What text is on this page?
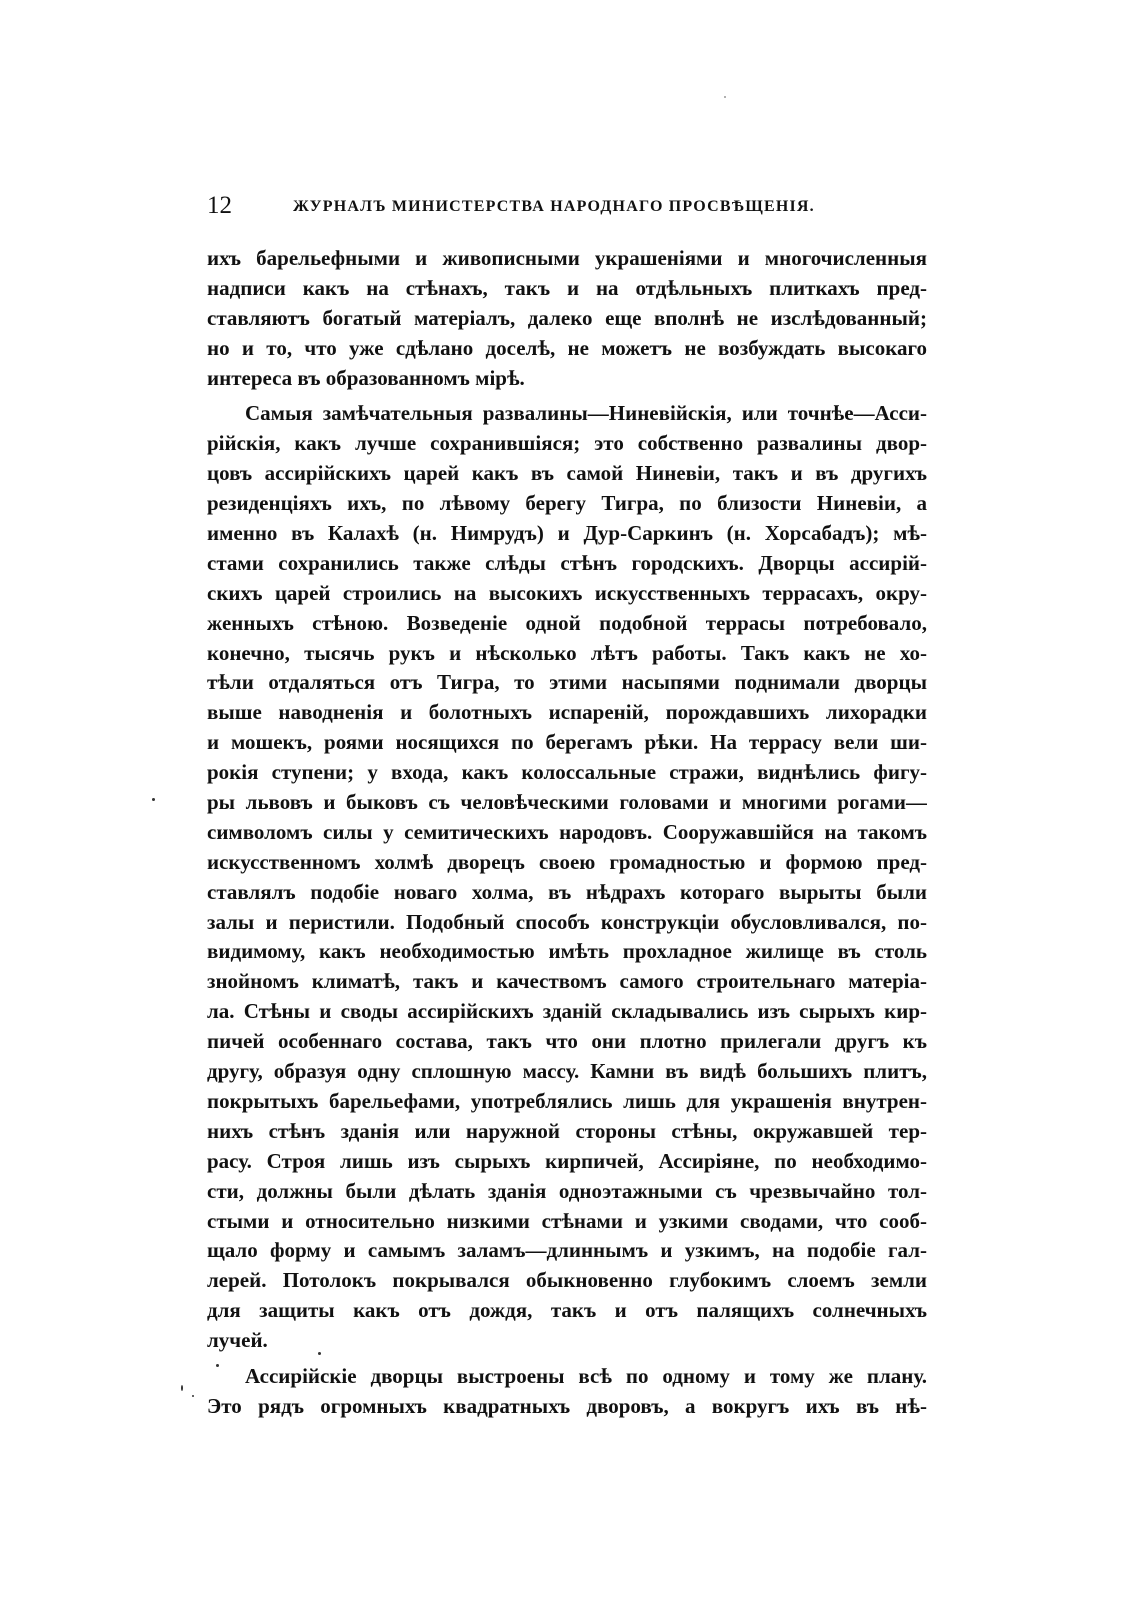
12	ЖУРНАЛЪ МИНИСТЕРСТВА НАРОДНАГО ПРОСВѢЩЕНІЯ.
ихъ барельефными и живописными украшеніями и многочисленныя
надписи какъ на стѣнахъ, такъ и на отдѣльныхъ плиткахъ пред-
ставляютъ богатый матеріалъ, далеко еще вполнѣ не изслѣдованный;
но и то, что уже сдѣлано доселѣ, не можетъ не возбуждать высокаго
интереса въ образованномъ мірѣ.
Самыя замѣчательныя развалины—Ниневійскія, или точнѣе—Асси-
рійскія, какъ лучше сохранившіяся; это собственно развалины двор-
цовъ ассирійскихъ царей какъ въ самой Ниневіи, такъ и въ другихъ
резиденціяхъ ихъ, по лѣвому берегу Тигра, по близости Ниневіи, а
именно въ Калахѣ (н. Нимрудъ) и Дур-Саркинъ (н. Хорсабадъ); мѣ-
стами сохранились также слѣды стѣнъ городскихъ. Дворцы ассирій-
скихъ царей строились на высокихъ искусственныхъ террасахъ, окру-
женныхъ стѣною. Возведеніе одной подобной террасы потребовало,
конечно, тысячь рукъ и нѣсколько лѣтъ работы. Такъ какъ не хо-
тѣли отдаляться отъ Тигра, то этими насыпями поднимали дворцы
выше наводненія и болотныхъ испареній, порождавшихъ лихорадки
и мошекъ, роями носящихся по берегамъ рѣки. На террасу вели ши-
рокія ступени; у входа, какъ колоссальные стражи, виднѣлись фигу-
ры львовъ и быковъ съ человѣческими головами и многими рогами—
символомъ силы у семитическихъ народовъ. Сооружавшійся на такомъ
искусственномъ холмѣ дворецъ своею громадностью и формою пред-
ставлялъ подобіе новаго холма, въ нѣдрахъ котораго вырыты были
залы и перистили. Подобный способъ конструкціи обусловливался, по-
видимому, какъ необходимостью имѣть прохладное жилище въ столь
знойномъ климатѣ, такъ и качествомъ самого строительнаго матеріа-
ла. Стѣны и своды ассирійскихъ зданій складывались изъ сырыхъ кир-
пичей особеннаго состава, такъ что они плотно прилегали другъ къ
другу, образуя одну сплошную массу. Камни въ видѣ большихъ плитъ,
покрытыхъ барельефами, употреблялись лишь для украшенія внутрен-
нихъ стѣнъ зданія или наружной стороны стѣны, окружавшей тер-
расу. Строя лишь изъ сырыхъ кирпичей, Ассиріяне, по необходимо-
сти, должны были дѣлать зданія одноэтажными съ чрезвычайно тол-
стыми и относительно низкими стѣнами и узкими сводами, что сооб-
щало форму и самымъ заламъ—длиннымъ и узкимъ, на подобіе гал-
лерей. Потолокъ покрывался обыкновенно глубокимъ слоемъ земли
для защиты какъ отъ дождя, такъ и отъ палящихъ солнечныхъ
лучей.
Ассирійскіе дворцы выстроены всѣ по одному и тому же плану.
Это рядъ огромныхъ квадратныхъ дворовъ, а вокругъ ихъ въ нѣ-
